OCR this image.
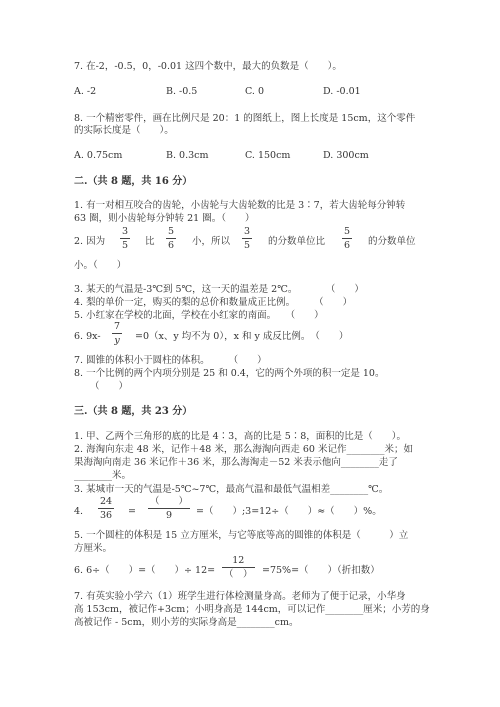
7. 在-2，-0.5，0，-0.01 这四个数中，最大的负数是（　　）。
A. -2	B. -0.5	C. 0	D. -0.01
8. 一个精密零件，画在比例尺是 20：1 的图纸上，图上长度是 15cm，这个零件
的实际长度是（　　）。
A. 0.75cm	B. 0.3cm	C. 150cm	D. 300cm
二.（共 8 题，共 16 分）
1. 有一对相互咬合的齿轮，小齿轮与大齿轮数的比是 3∶7，若大齿轮每分钟转
63 圈，则小齿轮每分钟转 21 圈。（　　）
2. 因为
3
5 比
5
6 小，所以
3
5 的分数单位比
5
6 的分数单位
小。（　　）
3. 某天的气温是-3℃到 5℃，这一天的温差是 2℃。　　　　（　　）
4. 梨的单价一定，购买的梨的总价和数量成正比例。　　　（　　）
5. 小红家在学校的北面，学校在小红家的南面。　　（　　）
6. 9x-
7
y =0（x、y 均不为 0），x 和 y 成反比例。　（　　）
7. 圆锥的体积小于圆柱的体积。　　　（　　）
8. 一个比例的两个内项分别是 25 和 0.4，它的两个外项的积一定是 10。
（　　）
三.（共 8 题，共 23 分）
1. 甲、乙两个三角形的底的比是 4∶3，高的比是 5∶8，面积的比是（　　）。
2. 海淘向东走 48 米，记作＋48 米，那么海淘向西走 60 米记作________米；如
果海淘向南走 36 米记作＋36 米，那么海淘走－52 米表示他向________走了
________米。
3. 某城市一天的气温是-5℃~7℃，最高气温和最低气温相差________℃。
4.
24
36 =
（　　）
9	=（　　）;3=12÷（　　）≈（　　）%。
5. 一个圆柱的体积是 15 立方厘米，与它等底等高的圆锥的体积是（　　　）立
方厘米。
6. 6÷（　　）=（　　）÷ 12=
12
（　） =75%=（　　）（折扣数）
7. 有英实验小学六（1）班学生进行体检测量身高。老师为了便于记录，小华身
高 153cm，被记作+3cm；小明身高是 144cm，可以记作________厘米；小芳的身
高被记作 - 5cm，则小芳的实际身高是________cm。
